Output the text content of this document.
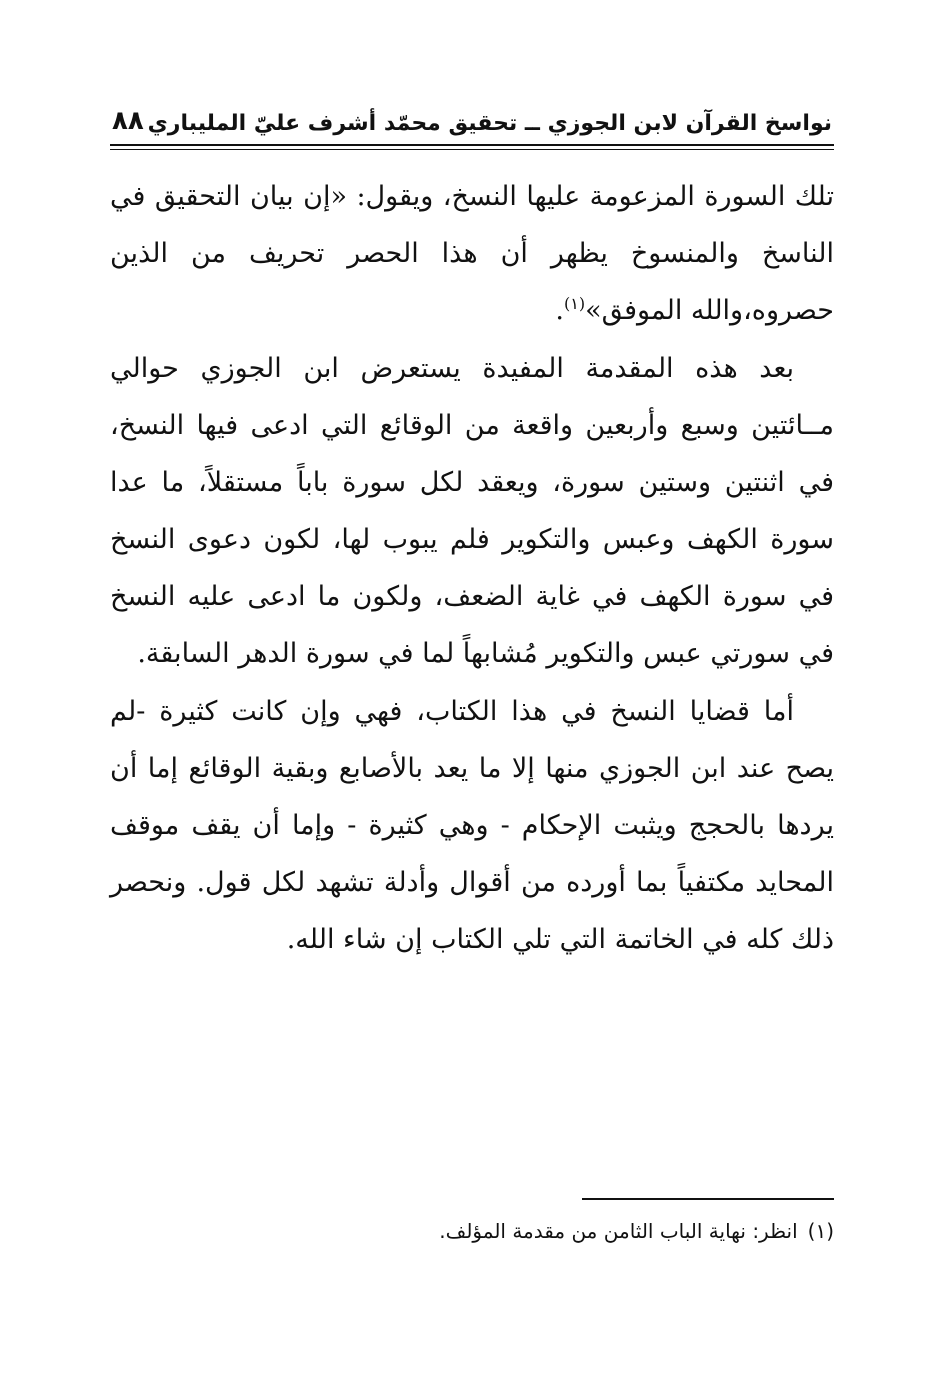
نواسخ القرآن لابن الجوزي ــ تحقيق محمّد أشرف عليّ المليباري
٨٨

تلك السورة المزعومة عليها النسخ، ويقول: «إن بيان التحقيق في الناسخ والمنسوخ يظهر أن هذا الحصر تحريف من الذين حصروه،والله الموفق»$^{(١)}$.

بعد هذه المقدمة المفيدة يستعرض ابن الجوزي حوالي مــائتين وسبع وأربعين واقعة من الوقائع التي ادعى فيها النسخ، في اثنتين وستين سورة، ويعقد لكل سورة باباً مستقلاً، ما عدا سورة الكهف وعبس والتكوير فلم يبوب لها، لكون دعوى النسخ في سورة الكهف في غاية الضعف، ولكون ما ادعى عليه النسخ في سورتي عبس والتكوير مُشابهاً لما في سورة الدهر السابقة.

أما قضايا النسخ في هذا الكتاب، فهي وإن كانت كثيرة -لم يصح عند ابن الجوزي منها إلا ما يعد بالأصابع وبقية الوقائع إما أن يردها بالحجج ويثبت الإحكام - وهي كثيرة - وإما أن يقف موقف المحايد مكتفياً بما أورده من أقوال وأدلة تشهد لكل قول. ونحصر ذلك كله في الخاتمة التي تلي الكتاب إن شاء الله.

(١)انظر: نهاية الباب الثامن من مقدمة المؤلف.
